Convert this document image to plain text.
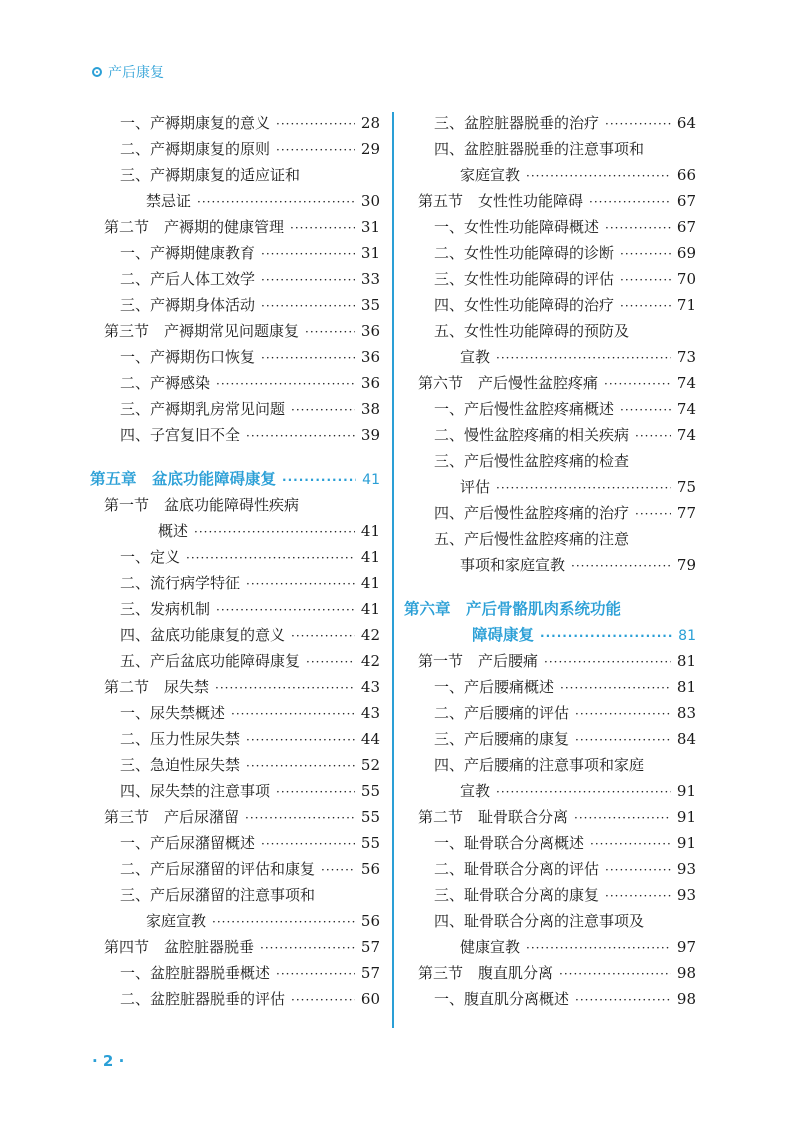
产后康复
一、产褥期康复的意义 ·····	28
二、产褥期康复的原则 ·····	29
三、产褥期康复的适应证和
禁忌证 ·····	30
第二节　产褥期的健康管理 ·····	31
一、产褥期健康教育 ·····	31
二、产后人体工效学 ·····	33
三、产褥期身体活动 ·····	35
第三节　产褥期常见问题康复 ·····	36
一、产褥期伤口恢复 ·····	36
二、产褥感染 ·····	36
三、产褥期乳房常见问题 ·····	38
四、子宫复旧不全 ·····	39
第五章　盆底功能障碍康复 ·····	41
第一节　盆底功能障碍性疾病
概述 ·····	41
一、定义 ·····	41
二、流行病学特征 ·····	41
三、发病机制 ·····	41
四、盆底功能康复的意义 ·····	42
五、产后盆底功能障碍康复 ·····	42
第二节　尿失禁 ·····	43
一、尿失禁概述 ·····	43
二、压力性尿失禁 ·····	44
三、急迫性尿失禁 ·····	52
四、尿失禁的注意事项 ·····	55
第三节　产后尿潴留 ·····	55
一、产后尿潴留概述 ·····	55
二、产后尿潴留的评估和康复 ·····	56
三、产后尿潴留的注意事项和
家庭宣教 ·····	56
第四节　盆腔脏器脱垂 ·····	57
一、盆腔脏器脱垂概述 ·····	57
二、盆腔脏器脱垂的评估 ·····	60
三、盆腔脏器脱垂的治疗 ·····	64
四、盆腔脏器脱垂的注意事项和
家庭宣教 ·····	66
第五节　女性性功能障碍 ·····	67
一、女性性功能障碍概述 ·····	67
二、女性性功能障碍的诊断 ·····	69
三、女性性功能障碍的评估 ·····	70
四、女性性功能障碍的治疗 ·····	71
五、女性性功能障碍的预防及
宣教 ·····	73
第六节　产后慢性盆腔疼痛 ·····	74
一、产后慢性盆腔疼痛概述 ·····	74
二、慢性盆腔疼痛的相关疾病 ·····	74
三、产后慢性盆腔疼痛的检查
评估 ·····	75
四、产后慢性盆腔疼痛的治疗 ·····	77
五、产后慢性盆腔疼痛的注意
事项和家庭宣教 ·····	79
第六章　产后骨骼肌肉系统功能
障碍康复 ·····	81
第一节　产后腰痛 ·····	81
一、产后腰痛概述 ·····	81
二、产后腰痛的评估 ·····	83
三、产后腰痛的康复 ·····	84
四、产后腰痛的注意事项和家庭
宣教 ·····	91
第二节　耻骨联合分离 ·····	91
一、耻骨联合分离概述 ·····	91
二、耻骨联合分离的评估 ·····	93
三、耻骨联合分离的康复 ·····	93
四、耻骨联合分离的注意事项及
健康宣教 ·····	97
第三节　腹直肌分离 ·····	98
一、腹直肌分离概述 ·····	98
· 2 ·
